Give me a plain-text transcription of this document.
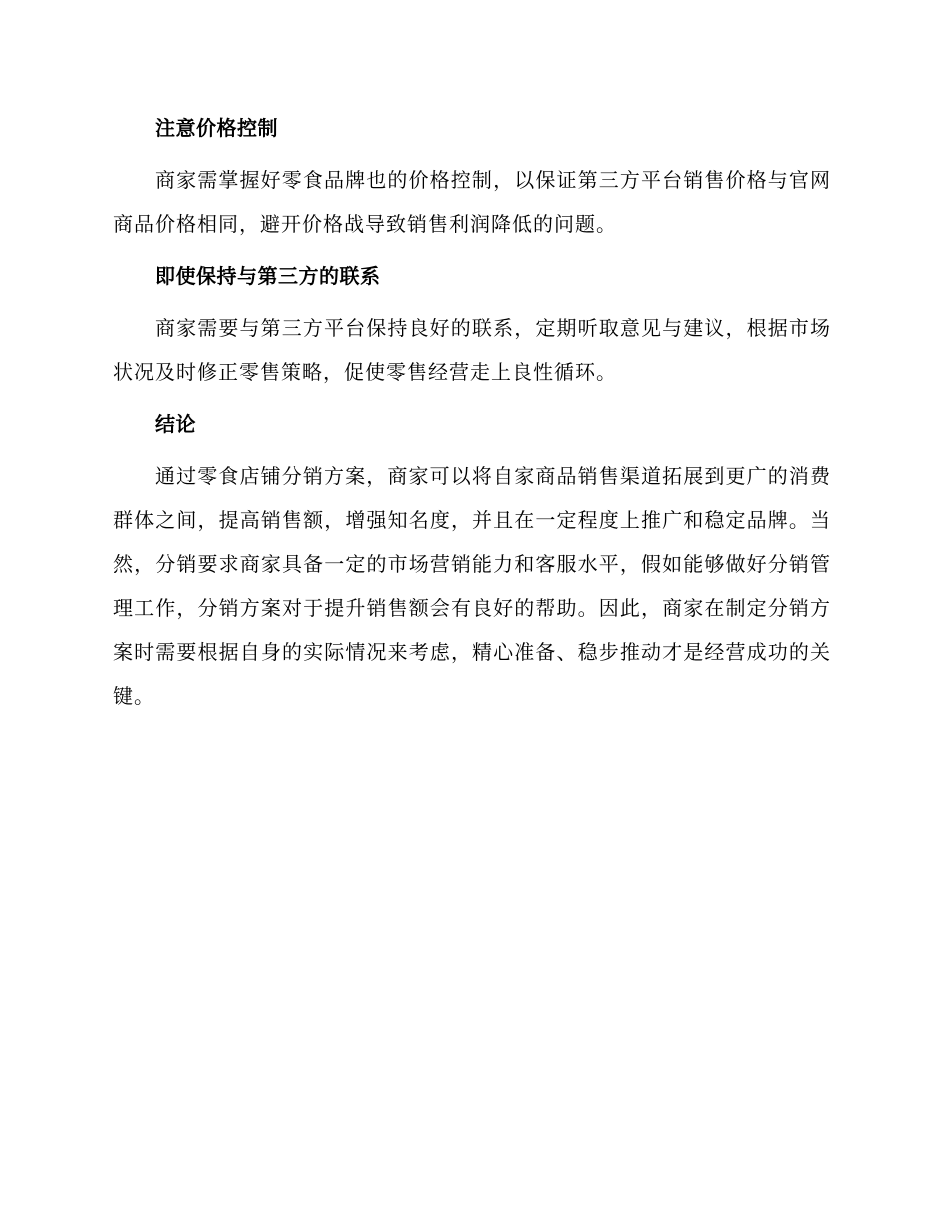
注意价格控制

商家需掌握好零食品牌也的价格控制，以保证第三方平台销售价格与官网商品价格相同，避开价格战导致销售利润降低的问题。

即使保持与第三方的联系

商家需要与第三方平台保持良好的联系，定期听取意见与建议，根据市场状况及时修正零售策略，促使零售经营走上良性循环。

结论

通过零食店铺分销方案，商家可以将自家商品销售渠道拓展到更广的消费群体之间，提高销售额，增强知名度，并且在一定程度上推广和稳定品牌。当然，分销要求商家具备一定的市场营销能力和客服水平，假如能够做好分销管理工作，分销方案对于提升销售额会有良好的帮助。因此，商家在制定分销方案时需要根据自身的实际情况来考虑，精心准备、稳步推动才是经营成功的关键。
